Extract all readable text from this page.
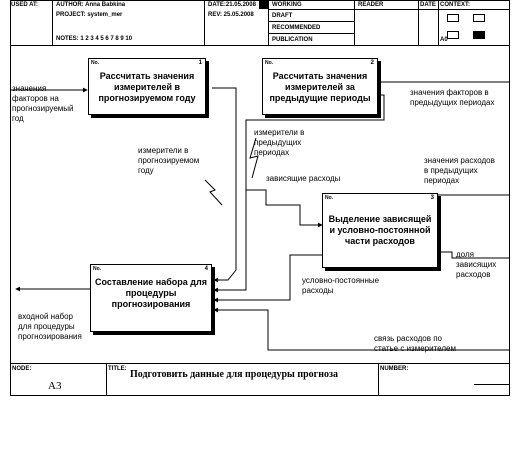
USED AT:	AUTHOR: Anna Babkina
PROJECT: system_mer
NOTES: 1 2 3 4 5 6 7 8 9 10
DATE:21.05.2008
REV: 25.05.2008
WORKING
DRAFT
RECOMMENDED
PUBLICATION
READER	DATE CONTEXT:
A0
No.	1
Рассчитать значения измерителей в прогнозируемом году
No.	2
Рассчитать значения измерителей за предыдущие периоды
No.	3
Выделение зависящей и условно-постоянной части расходов
No.	4
Составление набора для процедуры прогнозирования
значения
факторов на
прогнозируемый
год
измерители в
прогнозируемом
году
значения факторов в
предыдущих периодах
измерители в
предыдущих
периодах
зависящие расходы
значения расходов
в предыдущих
периодах
доля
зависящих
расходов
условно-постоянные
расходы
входной набор
для процедуры
прогнозирования	связь расходов по
статье с измерителем
NODE:
A3
TITLE: Подготовить данные для процедуры прогноза	NUMBER:
